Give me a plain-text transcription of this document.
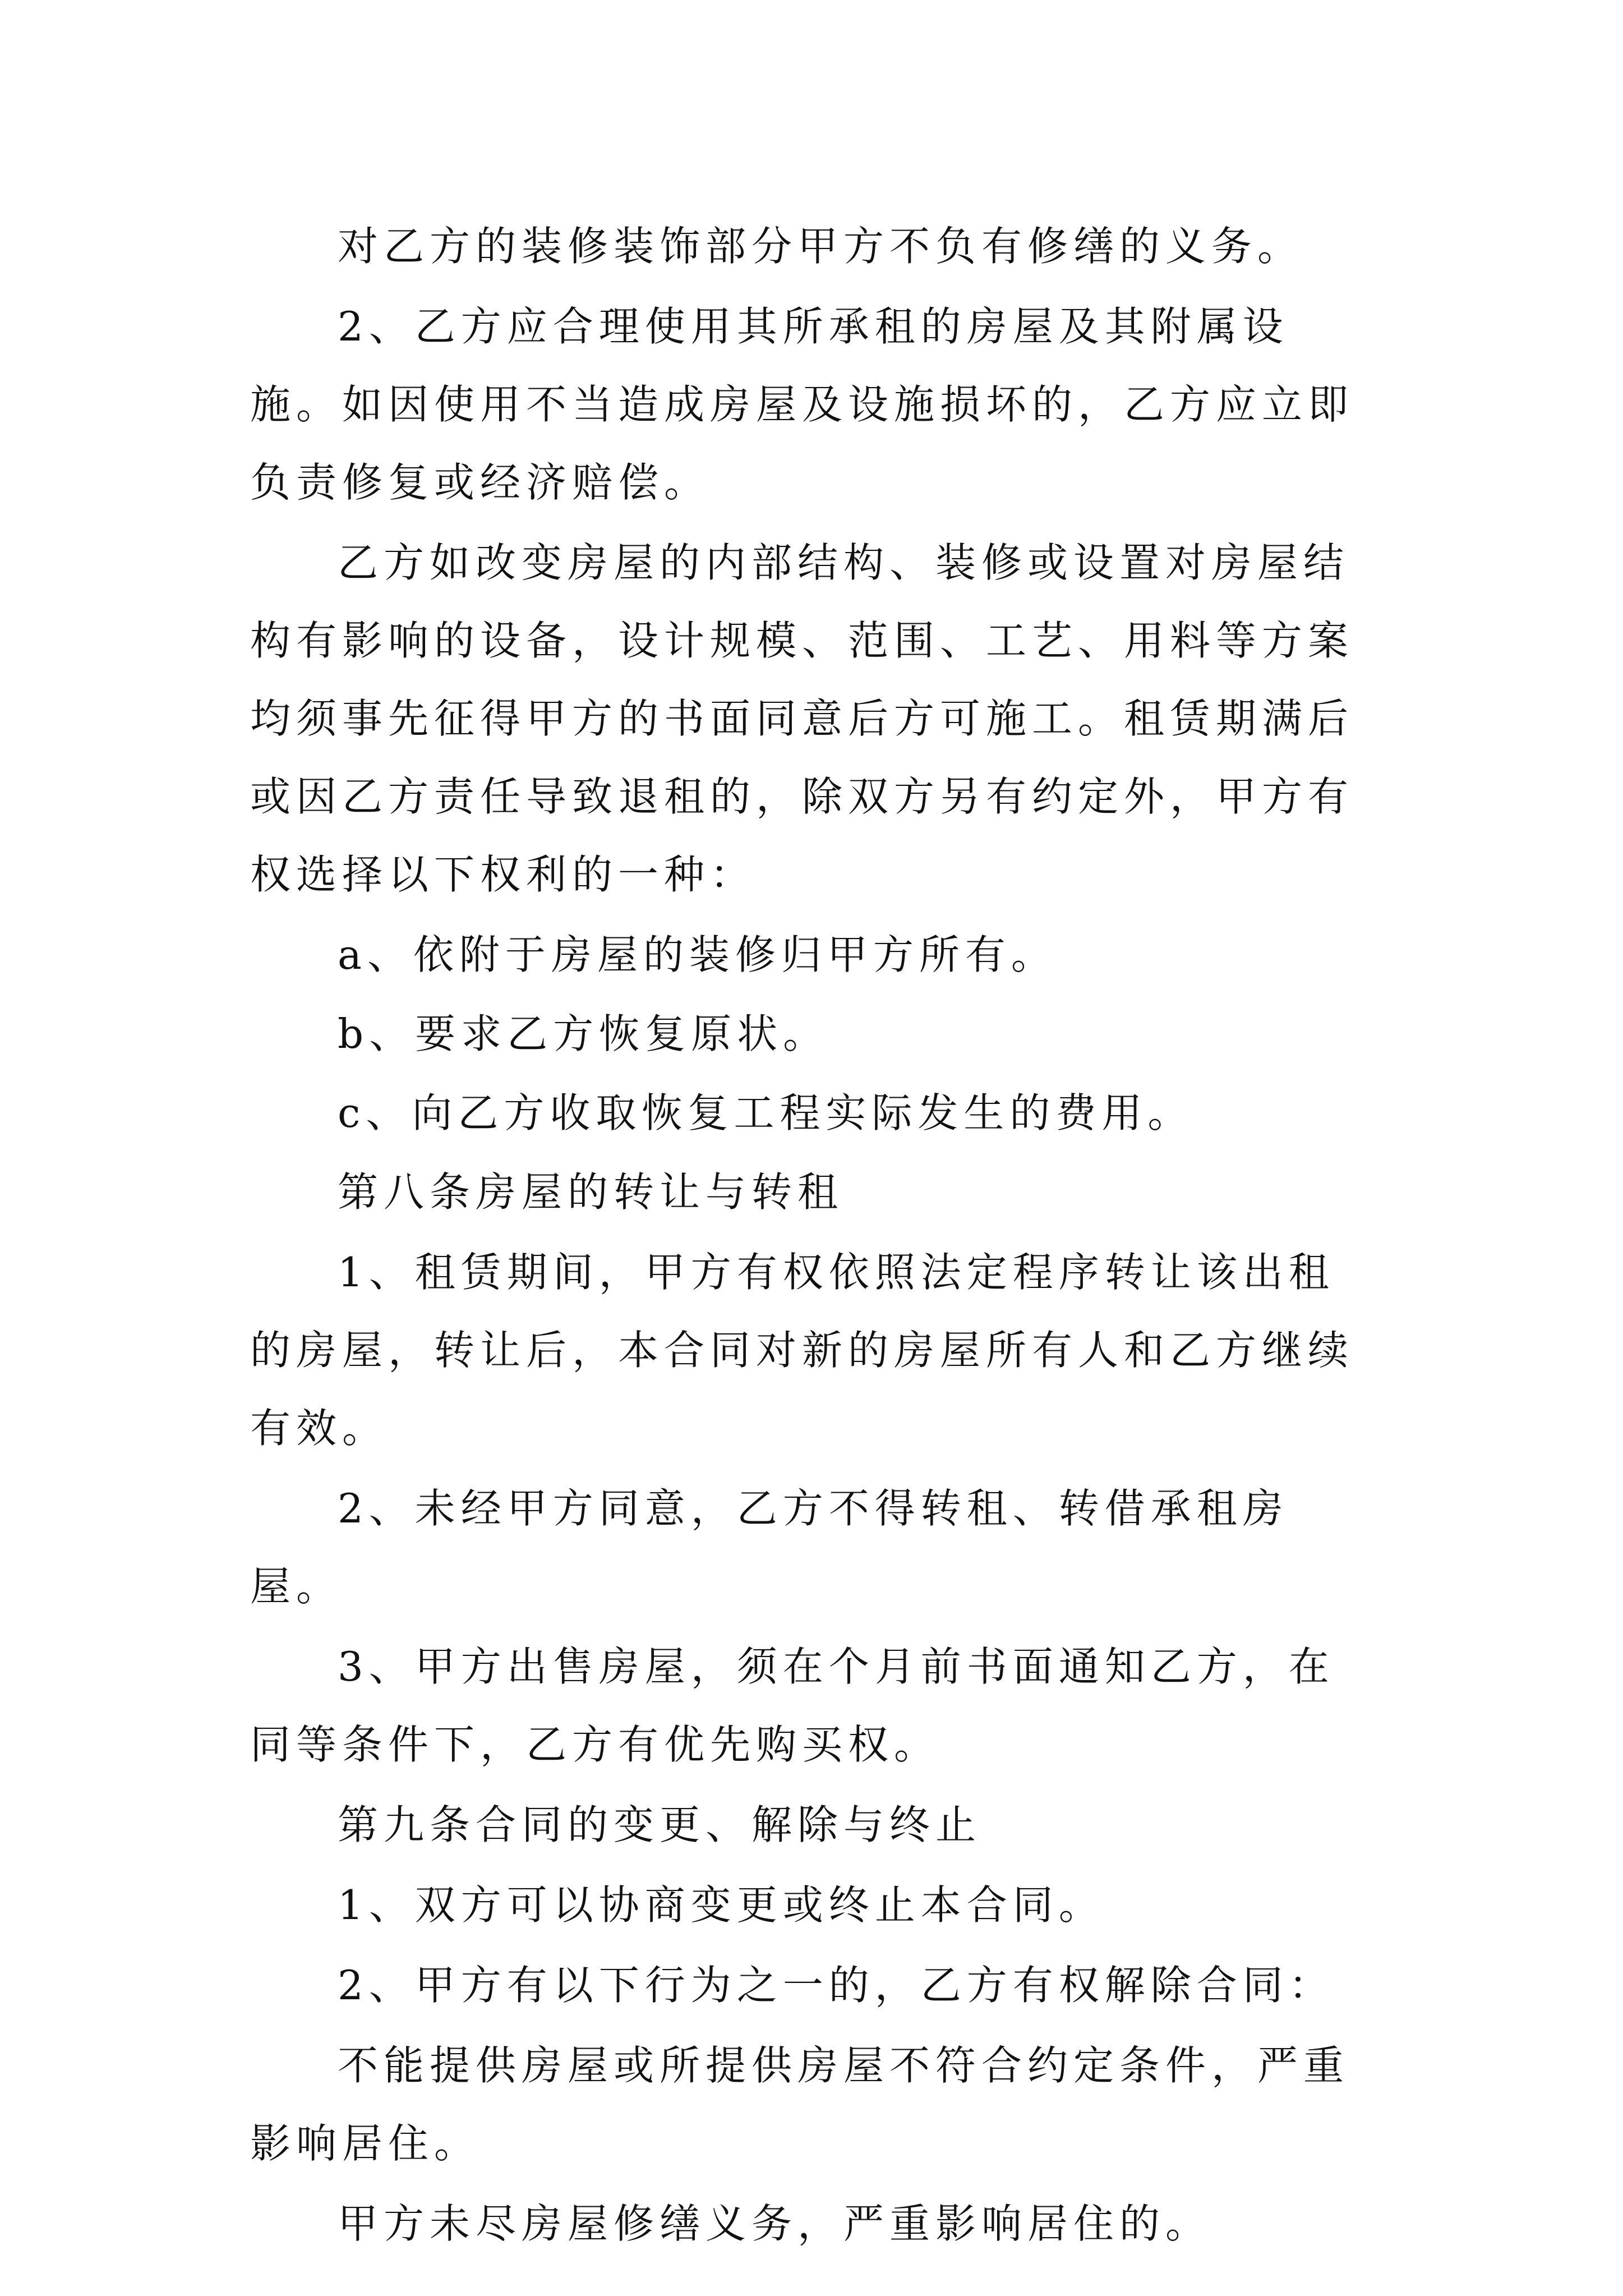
对乙方的装修装饰部分甲方不负有修缮的义务。

2、乙方应合理使用其所承租的房屋及其附属设施。如因使用不当造成房屋及设施损坏的，乙方应立即负责修复或经济赔偿。

乙方如改变房屋的内部结构、装修或设置对房屋结构有影响的设备，设计规模、范围、工艺、用料等方案均须事先征得甲方的书面同意后方可施工。租赁期满后或因乙方责任导致退租的，除双方另有约定外，甲方有权选择以下权利的一种：

a、依附于房屋的装修归甲方所有。

b、要求乙方恢复原状。

c、向乙方收取恢复工程实际发生的费用。

第八条房屋的转让与转租

1、租赁期间，甲方有权依照法定程序转让该出租的房屋，转让后，本合同对新的房屋所有人和乙方继续有效。

2、未经甲方同意，乙方不得转租、转借承租房屋。

3、甲方出售房屋，须在个月前书面通知乙方，在同等条件下，乙方有优先购买权。

第九条合同的变更、解除与终止

1、双方可以协商变更或终止本合同。

2、甲方有以下行为之一的，乙方有权解除合同：

不能提供房屋或所提供房屋不符合约定条件，严重影响居住。

甲方未尽房屋修缮义务，严重影响居住的。
